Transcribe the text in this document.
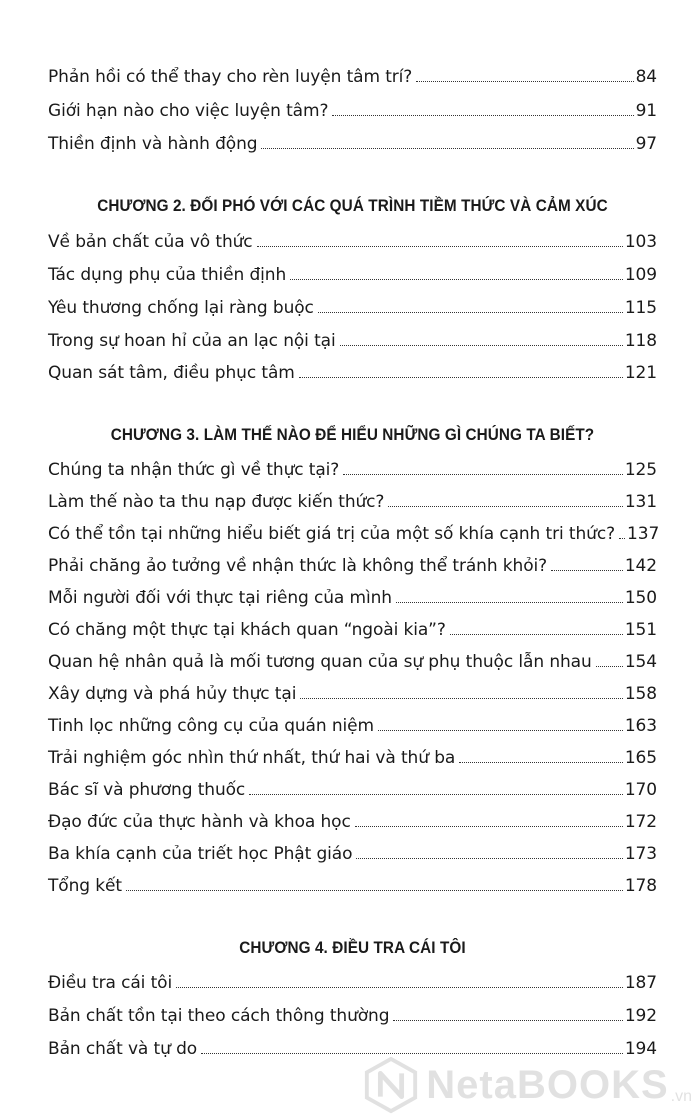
Phản hồi có thể thay cho rèn luyện tâm trí?	84
Giới hạn nào cho việc luyện tâm?	91
Thiền định và hành động	97
CHƯƠNG 2. ĐỐI PHÓ VỚI CÁC QUÁ TRÌNH TIỀM THỨC VÀ CẢM XÚC
Về bản chất của vô thức	103
Tác dụng phụ của thiền định	109
Yêu thương chống lại ràng buộc	115
Trong sự hoan hỉ của an lạc nội tại	118
Quan sát tâm, điều phục tâm	121
CHƯƠNG 3. LÀM THẾ NÀO ĐỂ HIỂU NHỮNG GÌ CHÚNG TA BIẾT?
Chúng ta nhận thức gì về thực tại?	125
Làm thế nào ta thu nạp được kiến thức?	131
Có thể tồn tại những hiểu biết giá trị của một số khía cạnh tri thức? 137
Phải chăng ảo tưởng về nhận thức là không thể tránh khỏi?	142
Mỗi người đối với thực tại riêng của mình	150
Có chăng một thực tại khách quan “ngoài kia”?	151
Quan hệ nhân quả là mối tương quan của sự phụ thuộc lẫn nhau 154
Xây dựng và phá hủy thực tại	158
Tinh lọc những công cụ của quán niệm	163
Trải nghiệm góc nhìn thứ nhất, thứ hai và thứ ba	165
Bác sĩ và phương thuốc	170
Đạo đức của thực hành và khoa học	172
Ba khía cạnh của triết học Phật giáo	173
Tổng kết	178
CHƯƠNG 4. ĐIỀU TRA CÁI TÔI
Điều tra cái tôi	187
Bản chất tồn tại theo cách thông thường	192
Bản chất và tự do	194
NetaBOOKS .vn
